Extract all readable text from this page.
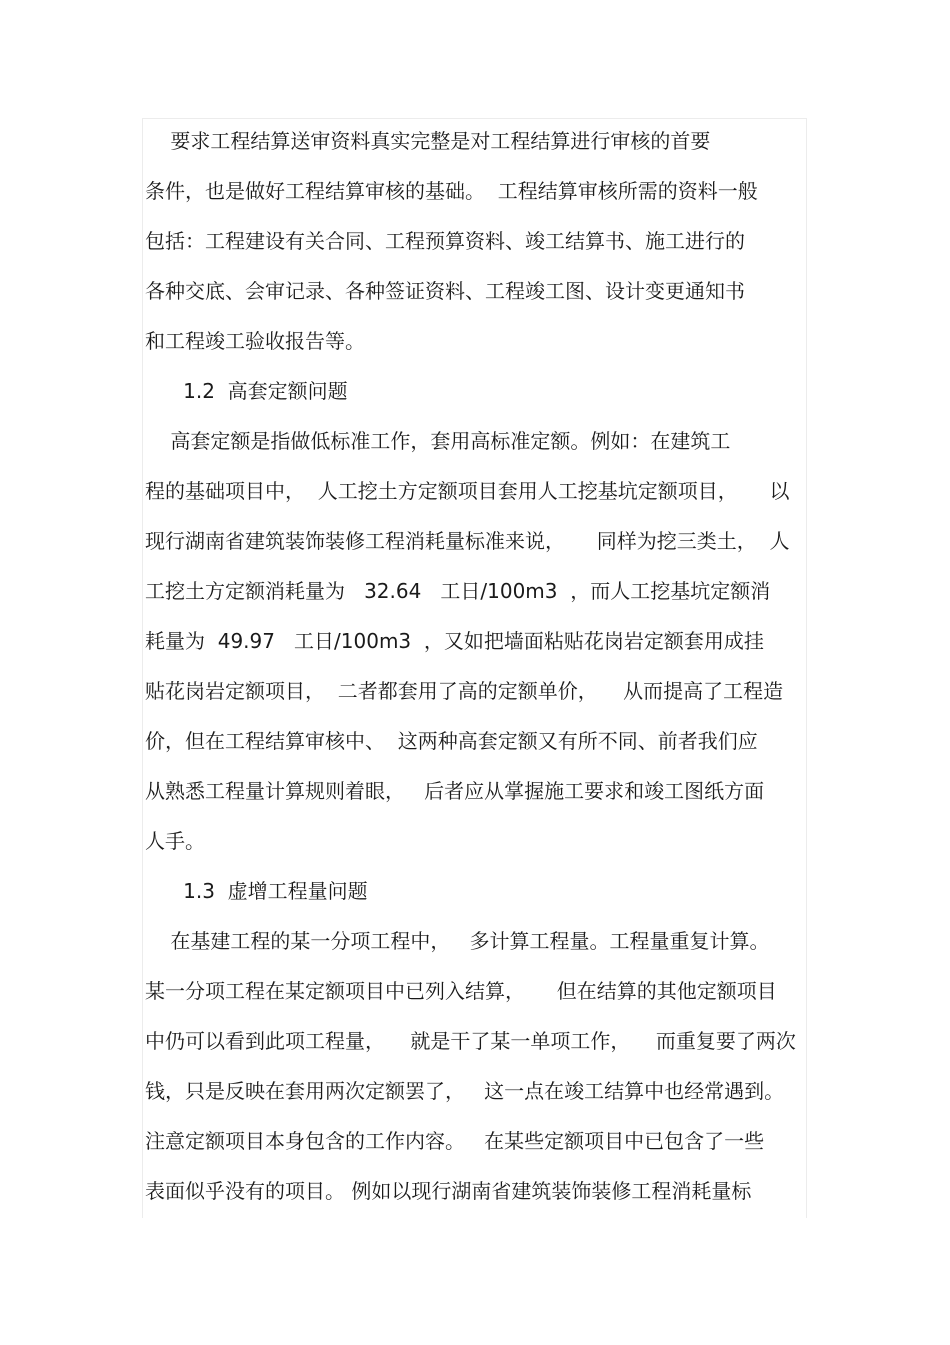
要求工程结算送审资料真实完整是对工程结算进行审核的首要
条件，也是做好工程结算审核的基础。  工程结算审核所需的资料一般
包括：工程建设有关合同、工程预算资料、竣工结算书、施工进行的
各种交底、会审记录、各种签证资料、工程竣工图、设计变更通知书
和工程竣工验收报告等。
1.2  高套定额问题
高套定额是指做低标准工作，套用高标准定额。例如：在建筑工
程的基础项目中，  人工挖土方定额项目套用人工挖基坑定额项目，     以
现行湖南省建筑装饰装修工程消耗量标准来说，     同样为挖三类土，  人
工挖土方定额消耗量为   32.64   工日/100m3  ，而人工挖基坑定额消
耗量为  49.97   工日/100m3  ，又如把墙面粘贴花岗岩定额套用成挂
贴花岗岩定额项目，  二者都套用了高的定额单价，    从而提高了工程造
价，但在工程结算审核中、  这两种高套定额又有所不同、前者我们应
从熟悉工程量计算规则着眼，   后者应从掌握施工要求和竣工图纸方面
人手。
1.3  虚增工程量问题
在基建工程的某一分项工程中，   多计算工程量。工程量重复计算。
某一分项工程在某定额项目中已列入结算，     但在结算的其他定额项目
中仍可以看到此项工程量，    就是干了某一单项工作，    而重复要了两次
钱，只是反映在套用两次定额罢了，   这一点在竣工结算中也经常遇到。
注意定额项目本身包含的工作内容。   在某些定额项目中已包含了一些
表面似乎没有的项目。 例如以现行湖南省建筑装饰装修工程消耗量标
